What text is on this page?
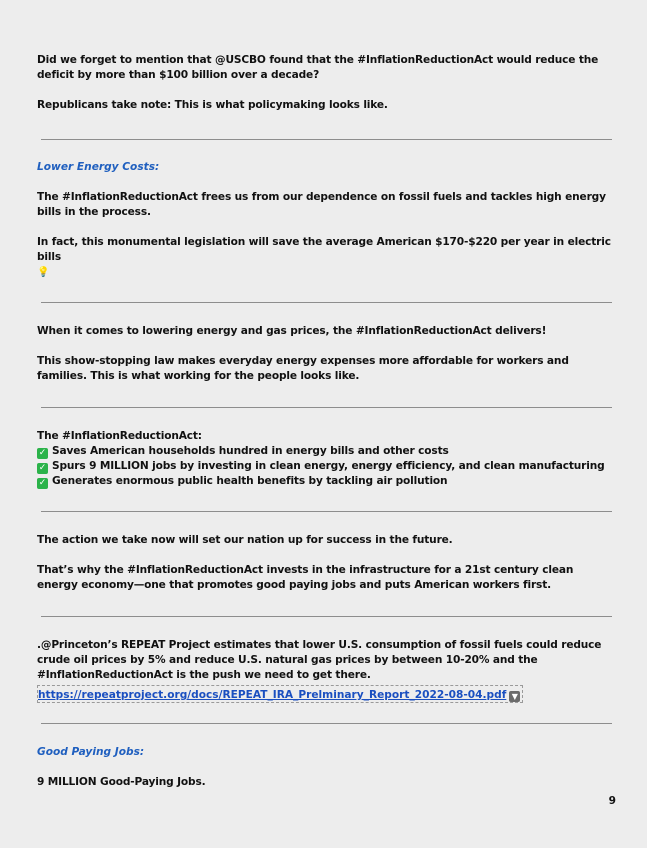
Did we forget to mention that @USCBO found that the #InflationReductionAct would reduce the deficit by more than $100 billion over a decade?

Republicans take note: This is what policymaking looks like.

Lower Energy Costs:

The #InflationReductionAct frees us from our dependence on fossil fuels and tackles high energy bills in the process.

In fact, this monumental legislation will save the average American $170-$220 per year in electric bills
💡

When it comes to lowering energy and gas prices, the #InflationReductionAct delivers!

This show-stopping law makes everyday energy expenses more affordable for workers and families. This is what working for the people looks like.

The #InflationReductionAct:

✓ Saves American households hundred in energy bills and other costs

✓ Spurs 9 MILLION jobs by investing in clean energy, energy efficiency, and clean manufacturing

✓ Generates enormous public health benefits by tackling air pollution

The action we take now will set our nation up for success in the future.

That’s why the #InflationReductionAct invests in the infrastructure for a 21st century clean energy economy—one that promotes good paying jobs and puts American workers first.

.@Princeton’s REPEAT Project estimates that lower U.S. consumption of fossil fuels could reduce crude oil prices by 5% and reduce U.S. natural gas prices by between 10-20% and the #InflationReductionAct is the push we need to get there.

https://repeatproject.org/docs/REPEAT_IRA_Prelminary_Report_2022-08-04.pdf ▼

Good Paying Jobs:

9 MILLION Good-Paying Jobs.

9
